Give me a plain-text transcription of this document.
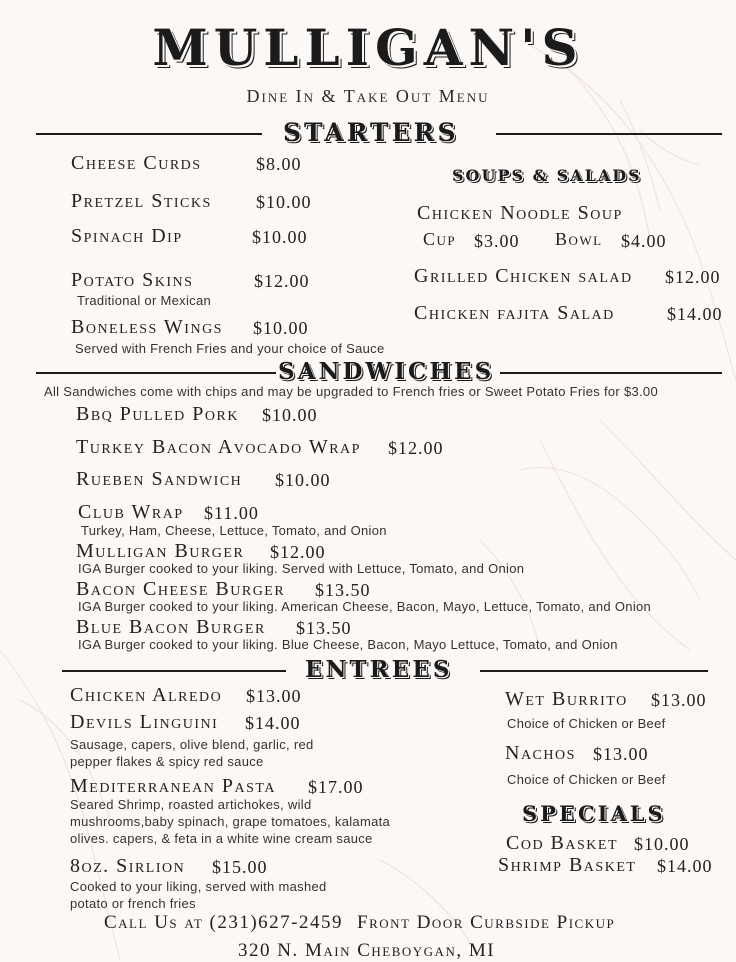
MULLIGAN'S
Dine In & Take Out Menu
STARTERS
Cheese Curds	$8.00
Pretzel Sticks $10.00
Spinach Dip	$10.00
Potato Skins	$12.00
Traditional or Mexican
Boneless Wings $10.00
Served with French Fries and your choice of Sauce
SOUPS & SALADS
Chicken Noodle Soup
Cup $3.00 Bowl $4.00
Grilled Chicken salad $12.00
Chicken fajita Salad	$14.00
SANDWICHES
All Sandwiches come with chips and may be upgraded to French fries or Sweet Potato Fries for $3.00
Bbq Pulled Pork $10.00
Turkey Bacon Avocado Wrap $12.00
Rueben Sandwich $10.00
Club Wrap $11.00
Turkey, Ham, Cheese, Lettuce, Tomato, and Onion
Mulligan Burger $12.00
IGA Burger cooked to your liking. Served with Lettuce, Tomato, and Onion
Bacon Cheese Burger $13.50
IGA Burger cooked to your liking. American Cheese, Bacon, Mayo, Lettuce, Tomato, and Onion
Blue Bacon Burger $13.50
IGA Burger cooked to your liking. Blue Cheese, Bacon, Mayo Lettuce, Tomato, and Onion
ENTREES
Chicken Alredo $13.00
Devils Linguini $14.00
Sausage, capers, olive blend, garlic, red
pepper flakes & spicy red sauce
Mediterranean Pasta $17.00
Seared Shrimp, roasted artichokes, wild
mushrooms,baby spinach, grape tomatoes, kalamata
olives. capers, & feta in a white wine cream sauce
8oz. Sirlion $15.00
Cooked to your liking, served with mashed
potato or french fries
Wet Burrito $13.00
Choice of Chicken or Beef
Nachos $13.00
Choice of Chicken or Beef
SPECIALS
Cod Basket $10.00
Shrimp Basket $14.00
Call Us at (231)627-2459 Front Door Curbside Pickup
320 N. Main Cheboygan, MI
